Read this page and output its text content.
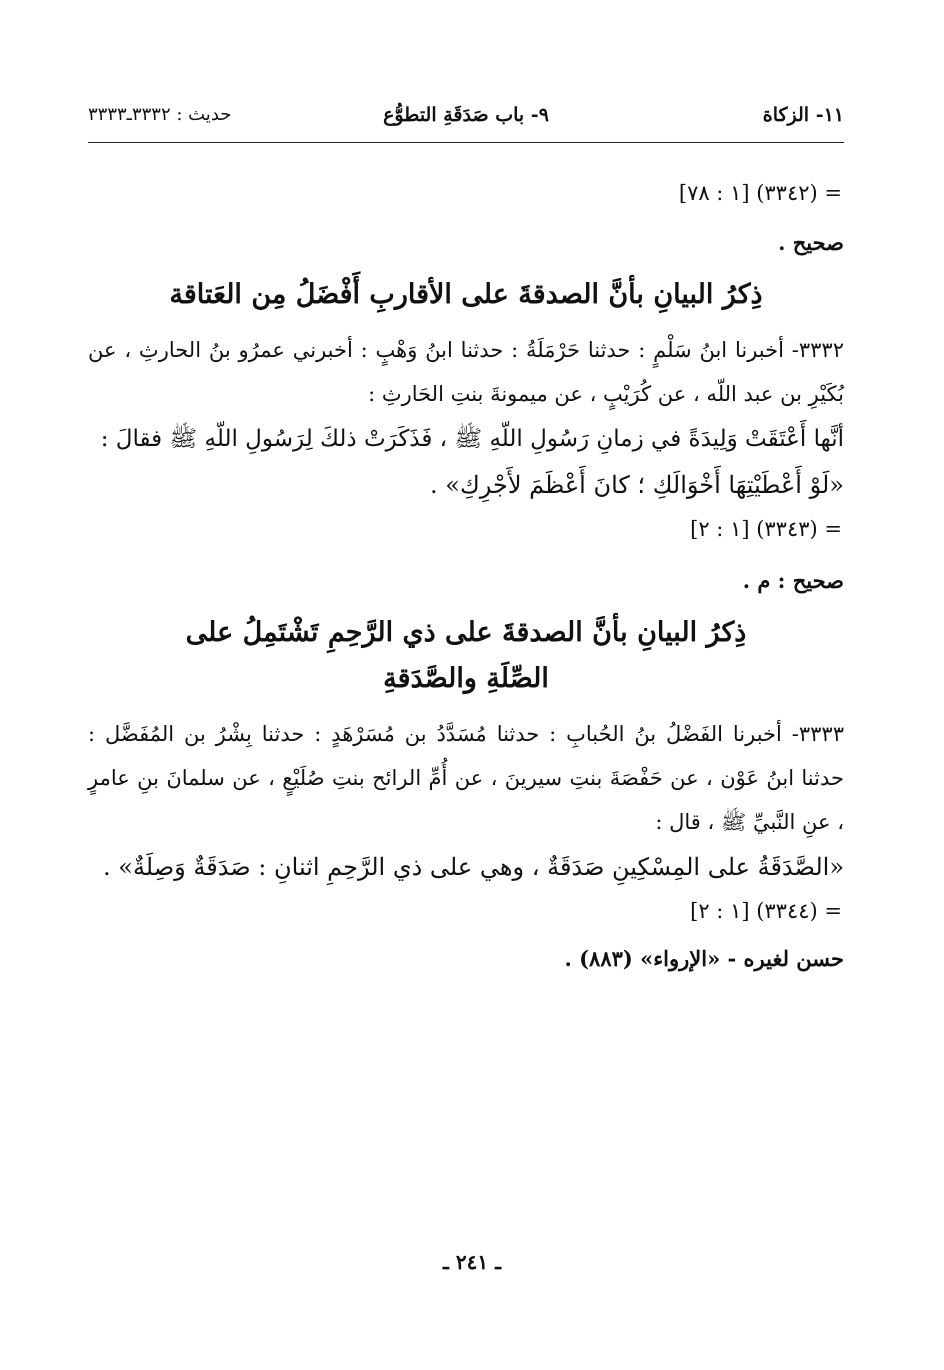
١١- الزكاة
٩- باب صَدَقَةِ التطوُّع
حديث : ٣٣٣٢ـ٣٣٣٣

= (٣٣٤٢) [١ : ٧٨]

صحيح .

ذِكرُ البيانِ بأنَّ الصدقةَ على الأقاربِ أَفْضَلُ مِن العَتاقة

٣٣٣٢- أخبرنا ابنُ سَلْمٍ : حدثنا حَرْمَلَةُ : حدثنا ابنُ وَهْبٍ : أخبرني عمرُو بنُ الحارثِ ، عن بُكَيْرِ بن عبد اللّه ، عن كُرَيْبٍ ، عن ميمونةَ بنتِ الحَارثِ :

أنَّها أَعْتَقَتْ وَلِيدَةً في زمانِ رَسُولِ اللّهِ ﷺ ، فَذَكَرَتْ ذلكَ لِرَسُولِ اللّهِ ﷺ فقالَ :

«لَوْ أَعْطَيْتِهَا أَخْوَالَكِ ؛ كانَ أَعْظَمَ لأَجْرِكِ» .

= (٣٣٤٣) [١ : ٢]

صحيح : م .

ذِكرُ البيانِ بأنَّ الصدقةَ على ذي الرَّحِمِ تَشْتَمِلُ على

الصِّلَةِ والصَّدَقةِ

٣٣٣٣- أخبرنا الفَضْلُ بنُ الحُبابِ : حدثنا مُسَدَّدُ بن مُسَرْهَدٍ : حدثنا بِشْرُ بن المُفَضَّل : حدثنا ابنُ عَوْن ، عن حَفْصَةَ بنتِ سيرينَ ، عن أُمِّ الرائح بنتِ صُلَيْعٍ ، عن سلمانَ بنِ عامرٍ ، عنِ النَّبيِّ ﷺ ، قال :

«الصَّدَقَةُ على المِسْكِينِ صَدَقَةٌ ، وهي على ذي الرَّحِمِ اثنانِ : صَدَقَةٌ وَصِلَةٌ» .

= (٣٣٤٤) [١ : ٢]

حسن لغيره - «الإرواء» (٨٨٣) .

ـ ٢٤١ ـ
